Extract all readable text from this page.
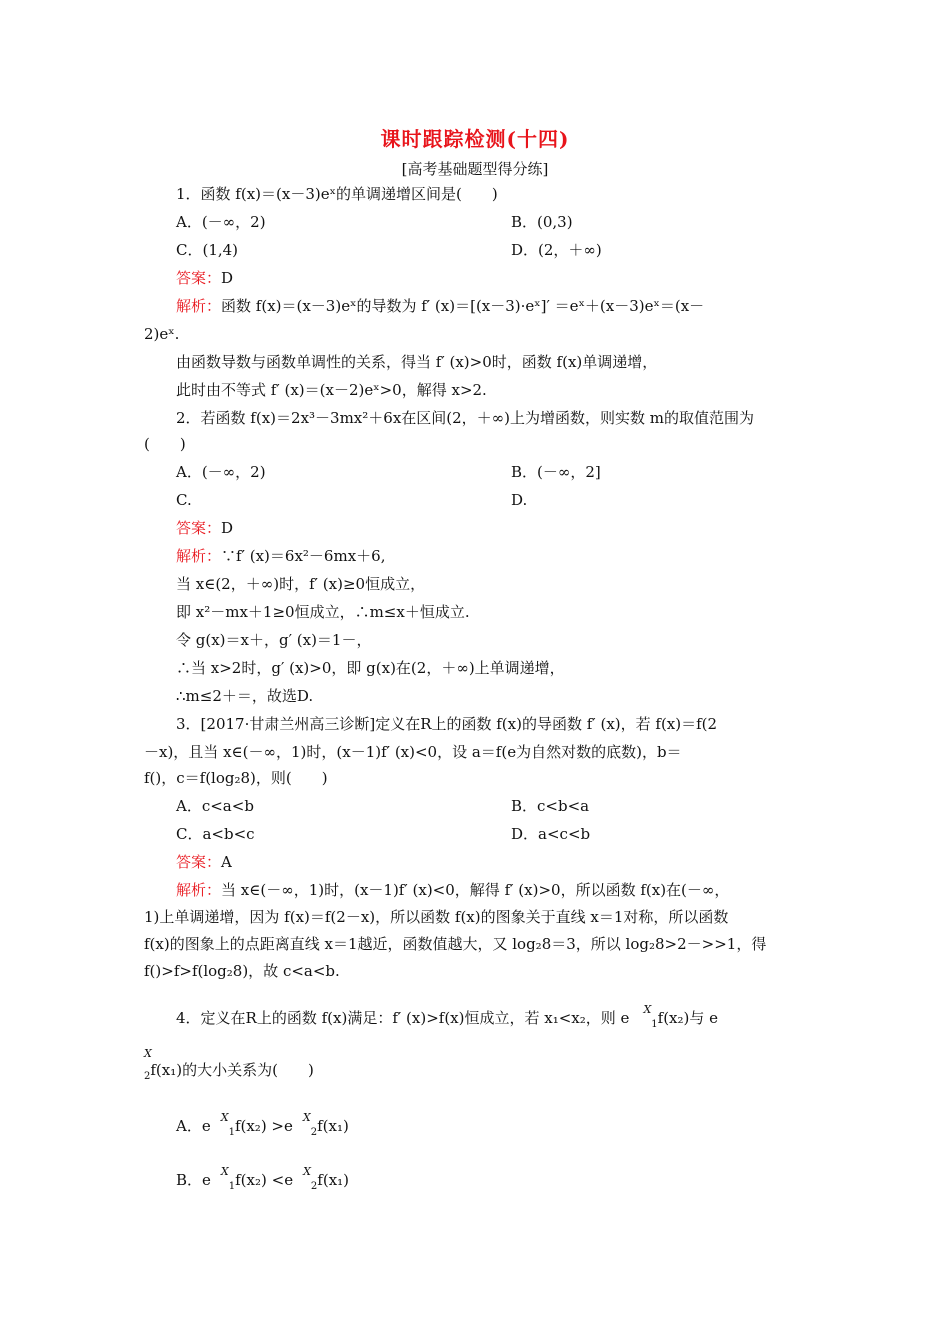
课时跟踪检测(十四)
[高考基础题型得分练]
1．函数 f(x)＝(x－3)eˣ的单调递增区间是(　　)
A．(－∞，2)	B．(0,3)
C．(1,4)	D．(2，＋∞)
答案：D
解析：函数 f(x)＝(x－3)eˣ的导数为 f′ (x)＝[(x－3)·eˣ]′ ＝eˣ＋(x－3)eˣ＝(x－
2)eˣ.
由函数导数与函数单调性的关系，得当 f′ (x)>0时，函数 f(x)单调递增，
此时由不等式 f′ (x)＝(x－2)eˣ>0，解得 x>2.
2．若函数 f(x)＝2x³－3mx²＋6x在区间(2，＋∞)上为增函数，则实数 m的取值范围为
(　　)
A．(－∞，2)	B．(－∞，2]
C.	D.
答案：D
解析：∵f′ (x)＝6x²－6mx＋6,
当 x∈(2，＋∞)时，f′ (x)≥0恒成立，
即 x²－mx＋1≥0恒成立，∴m≤x＋恒成立.
令 g(x)＝x＋，g′ (x)＝1－，
∴当 x>2时，g′ (x)>0，即 g(x)在(2，＋∞)上单调递增，
∴m≤2＋＝，故选D.
3．[2017·甘肃兰州高三诊断]定义在R上的函数 f(x)的导函数 f′ (x)，若 f(x)＝f(2
－x)，且当 x∈(－∞，1)时，(x－1)f′ (x)<0，设 a＝f(e为自然对数的底数)，b＝
f()，c＝f(log₂8)，则(　　)
A．c<a<b	B．c<b<a
C．a<b<c	D．a<c<b
答案：A
解析：当 x∈(－∞，1)时，(x－1)f′ (x)<0，解得 f′ (x)>0，所以函数 f(x)在(－∞，
1)上单调递增，因为 f(x)＝f(2－x)，所以函数 f(x)的图象关于直线 x＝1对称，所以函数
f(x)的图象上的点距离直线 x＝1越近，函数值越大，又 log₂8＝3，所以 log₂8>2－>>1，得
f()>f>f(log₂8)，故 c<a<b.
4．定义在R上的函数 f(x)满足：f′ (x)>f(x)恒成立，若 x₁<x₂，则 e $^X_1$f(x₂)与 e
X
$_2$f(x₁)的大小关系为(　　)
A．e $^X_1$f(x₂) >e $^X_2$f(x₁)
B．e $^X_1$f(x₂) <e $^X_2$f(x₁)
